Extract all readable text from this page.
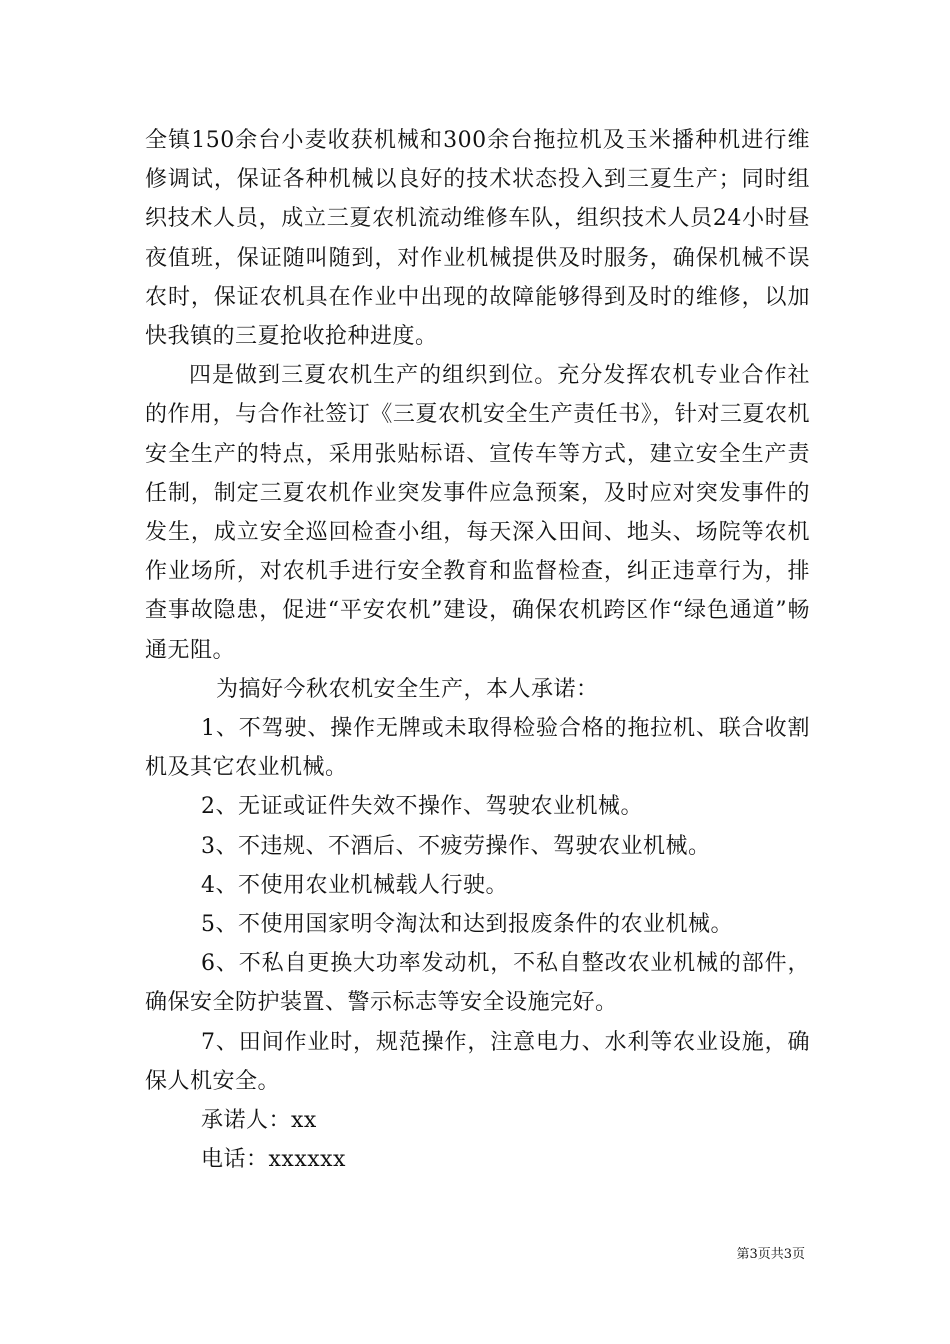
全镇150余台小麦收获机械和300余台拖拉机及玉米播种机进行维修调试，保证各种机械以良好的技术状态投入到三夏生产；同时组织技术人员，成立三夏农机流动维修车队，组织技术人员24小时昼夜值班，保证随叫随到，对作业机械提供及时服务，确保机械不误农时，保证农机具在作业中出现的故障能够得到及时的维修，以加快我镇的三夏抢收抢种进度。

四是做到三夏农机生产的组织到位。充分发挥农机专业合作社的作用，与合作社签订《三夏农机安全生产责任书》，针对三夏农机安全生产的特点，采用张贴标语、宣传车等方式，建立安全生产责任制，制定三夏农机作业突发事件应急预案，及时应对突发事件的发生，成立安全巡回检查小组，每天深入田间、地头、场院等农机作业场所，对农机手进行安全教育和监督检查，纠正违章行为，排查事故隐患，促进“平安农机”建设，确保农机跨区作“绿色通道”畅通无阻。

为搞好今秋农机安全生产，本人承诺：

1、不驾驶、操作无牌或未取得检验合格的拖拉机、联合收割机及其它农业机械。

2、无证或证件失效不操作、驾驶农业机械。

3、不违规、不酒后、不疲劳操作、驾驶农业机械。

4、不使用农业机械载人行驶。

5、不使用国家明令淘汰和达到报废条件的农业机械。

6、不私自更换大功率发动机，不私自整改农业机械的部件，确保安全防护装置、警示标志等安全设施完好。

7、田间作业时，规范操作，注意电力、水利等农业设施，确保人机安全。

承诺人：xx

电话：xxxxxx

第3页共3页
